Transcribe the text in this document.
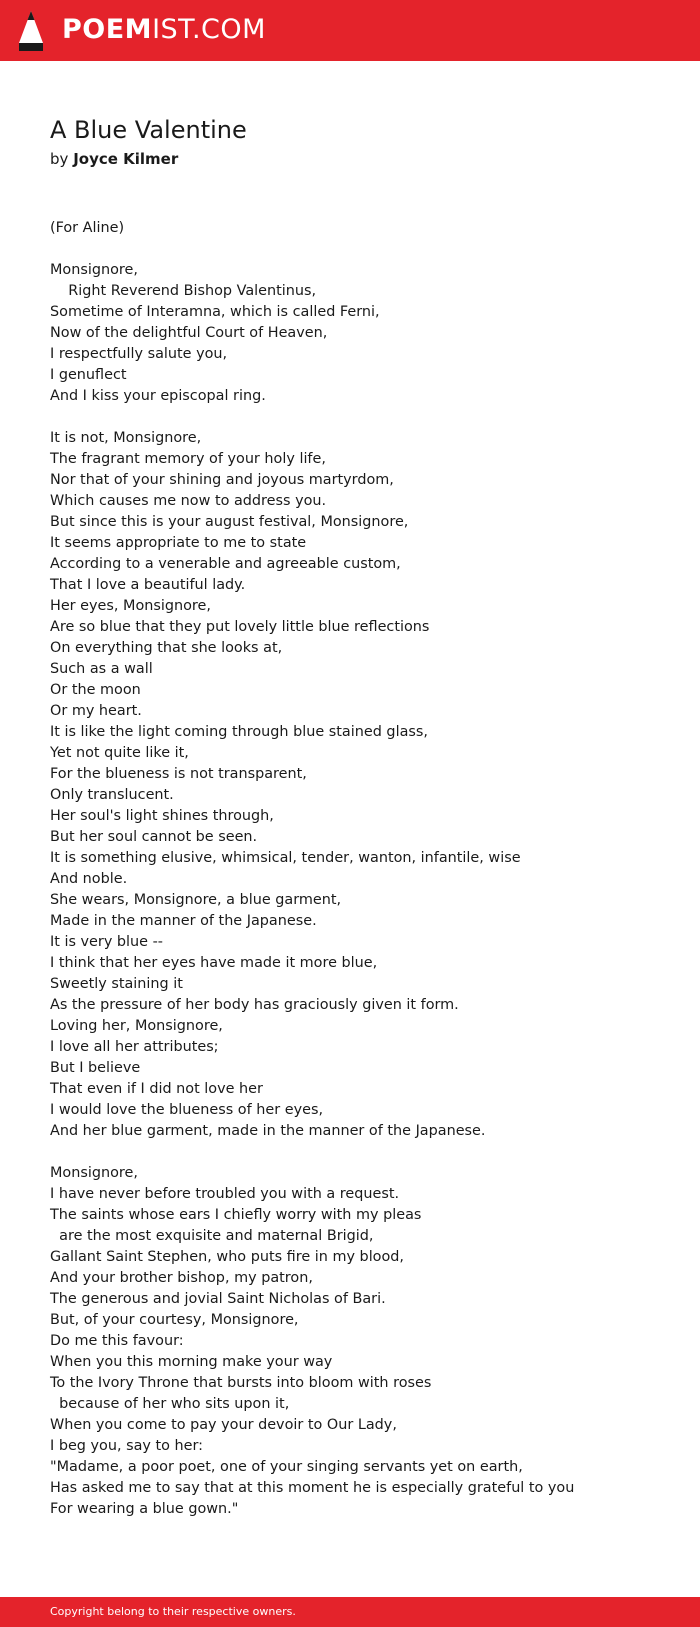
POEMIST.COM
A Blue Valentine
by Joyce Kilmer
(For Aline)
Monsignore,
Right Reverend Bishop Valentinus,
Sometime of Interamna, which is called Ferni,
Now of the delightful Court of Heaven,
I respectfully salute you,
I genuflect
And I kiss your episcopal ring.
It is not, Monsignore,
The fragrant memory of your holy life,
Nor that of your shining and joyous martyrdom,
Which causes me now to address you.
But since this is your august festival, Monsignore,
It seems appropriate to me to state
According to a venerable and agreeable custom,
That I love a beautiful lady.
Her eyes, Monsignore,
Are so blue that they put lovely little blue reflections
On everything that she looks at,
Such as a wall
Or the moon
Or my heart.
It is like the light coming through blue stained glass,
Yet not quite like it,
For the blueness is not transparent,
Only translucent.
Her soul's light shines through,
But her soul cannot be seen.
It is something elusive, whimsical, tender, wanton, infantile, wise
And noble.
She wears, Monsignore, a blue garment,
Made in the manner of the Japanese.
It is very blue --
I think that her eyes have made it more blue,
Sweetly staining it
As the pressure of her body has graciously given it form.
Loving her, Monsignore,
I love all her attributes;
But I believe
That even if I did not love her
I would love the blueness of her eyes,
And her blue garment, made in the manner of the Japanese.
Monsignore,
I have never before troubled you with a request.
The saints whose ears I chiefly worry with my pleas
are the most exquisite and maternal Brigid,
Gallant Saint Stephen, who puts fire in my blood,
And your brother bishop, my patron,
The generous and jovial Saint Nicholas of Bari.
But, of your courtesy, Monsignore,
Do me this favour:
When you this morning make your way
To the Ivory Throne that bursts into bloom with roses
because of her who sits upon it,
When you come to pay your devoir to Our Lady,
I beg you, say to her:
"Madame, a poor poet, one of your singing servants yet on earth,
Has asked me to say that at this moment he is especially grateful to you
For wearing a blue gown."
Copyright belong to their respective owners.
